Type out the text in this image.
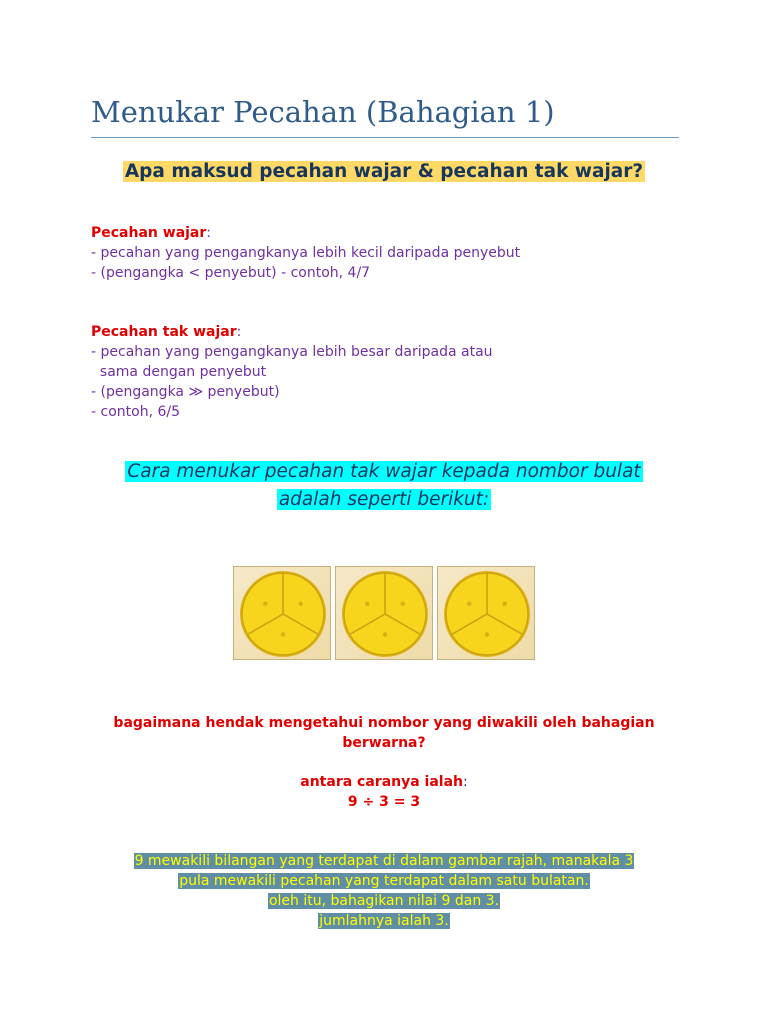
Menukar Pecahan (Bahagian 1)
Apa maksud pecahan wajar & pecahan tak wajar?
Pecahan wajar:
- pecahan yang pengangkanya lebih kecil daripada penyebut
- (pengangka < penyebut) - contoh, 4/7
Pecahan tak wajar:
- pecahan yang pengangkanya lebih besar daripada atau
sama dengan penyebut
- (pengangka ≫ penyebut)
- contoh, 6/5
Cara menukar pecahan tak wajar kepada nombor bulat
adalah seperti berikut:
bagaimana hendak mengetahui nombor yang diwakili oleh bahagian
berwarna?
antara caranya ialah:
9 ÷ 3 = 3
9 mewakili bilangan yang terdapat di dalam gambar rajah, manakala 3
pula mewakili pecahan yang terdapat dalam satu bulatan.
oleh itu, bahagikan nilai 9 dan 3.
jumlahnya ialah 3.
